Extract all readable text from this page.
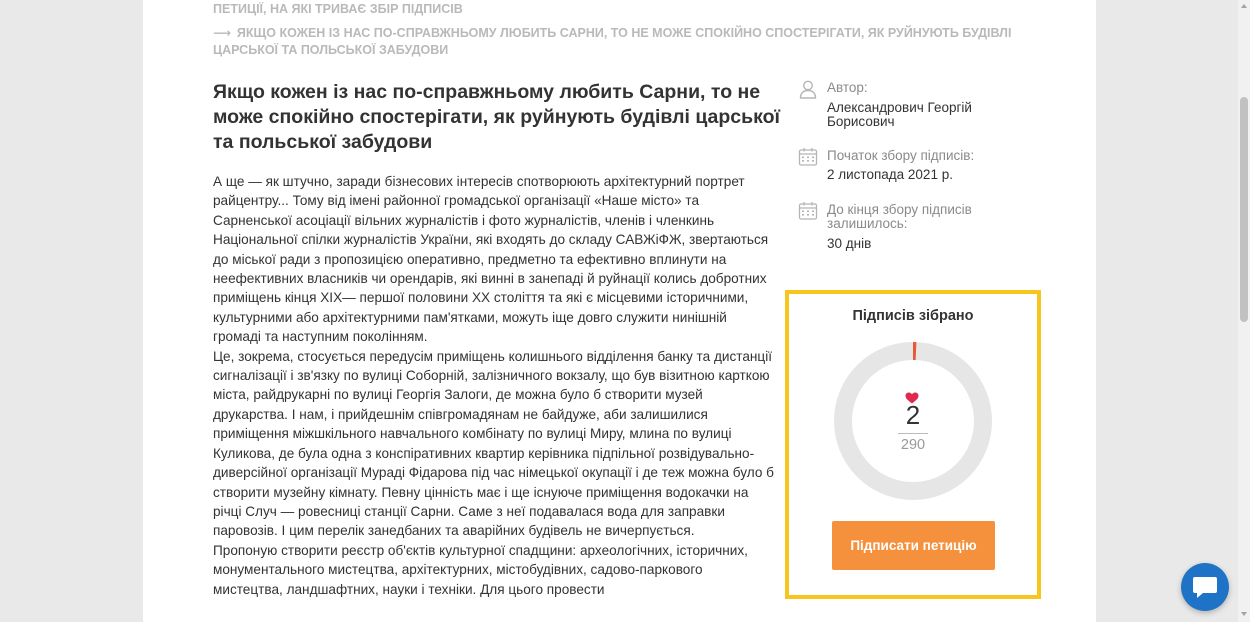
ПЕТИЦІЇ, НА ЯКІ ТРИВАЄ ЗБІР ПІДПИСІВ
⟶ ЯКЩО КОЖЕН ІЗ НАС ПО-СПРАВЖНЬОМУ ЛЮБИТЬ САРНИ, ТО НЕ МОЖЕ СПОКІЙНО СПОСТЕРІГАТИ, ЯК РУЙНУЮТЬ БУДІВЛІ ЦАРСЬКОЇ ТА ПОЛЬСЬКОЇ ЗАБУДОВИ
Якщо кожен із нас по-справжньому любить Сарни, то не може спокійно спостерігати, як руйнують будівлі царської та польської забудови

А ще — як штучно, заради бізнесових інтересів спотворюють архітектурний портрет райцентру... Тому від імені районної громадської організації «Наше місто» та Сарненської асоціації вільних журналістів і фото журналістів, членів і членкинь Національної спілки журналістів України, які входять до складу САВЖіФЖ, звертаються до міської ради з пропозицією оперативно, предметно та ефективно вплинути на неефективних власників чи орендарів, які винні в занепаді й руйнації колись добротних приміщень кінця XIX— першої половини XX століття та які є місцевими історичними, культурними або архітектурними пам'ятками, можуть іще довго служити нинішній громаді та наступним поколінням.

Це, зокрема, стосується передусім приміщень колишнього відділення банку та дистанції сигналізації і зв'язку по вулиці Соборній, залізничного вокзалу, що був візитною карткою міста, райдрукарні по вулиці Георгія Залоги, де можна було б створити музей друкарства. І нам, і прийдешнім співгромадянам не байдуже, аби залишилися приміщення міжшкільного навчального комбінату по вулиці Миру, млина по вулиці Куликова, де була одна з конспіративних квартир керівника підпільної розвідувально-диверсійної організації Мураді Фідарова під час німецької окупації і де теж можна було б створити музейну кімнату. Певну цінність має і ще існуюче приміщення водокачки на річці Случ — ровесниці станції Сарни. Саме з неї подавалася вода для заправки паровозів. І цим перелік занедбаних та аварійних будівель не вичерпується.

Пропоную створити реєстр об'єктів культурної спадщини: археологічних, історичних, монументального мистецтва, архітектурних, містобудівних, садово-паркового мистецтва, ландшафтних, науки і техніки. Для цього провести

Автор:
Александрович Георгій Борисович
Початок збору підписів:
2 листопада 2021 р.
До кінця збору підписів залишилось:
30 днів
Підписів зібрано
2
290
Підписати петицію
